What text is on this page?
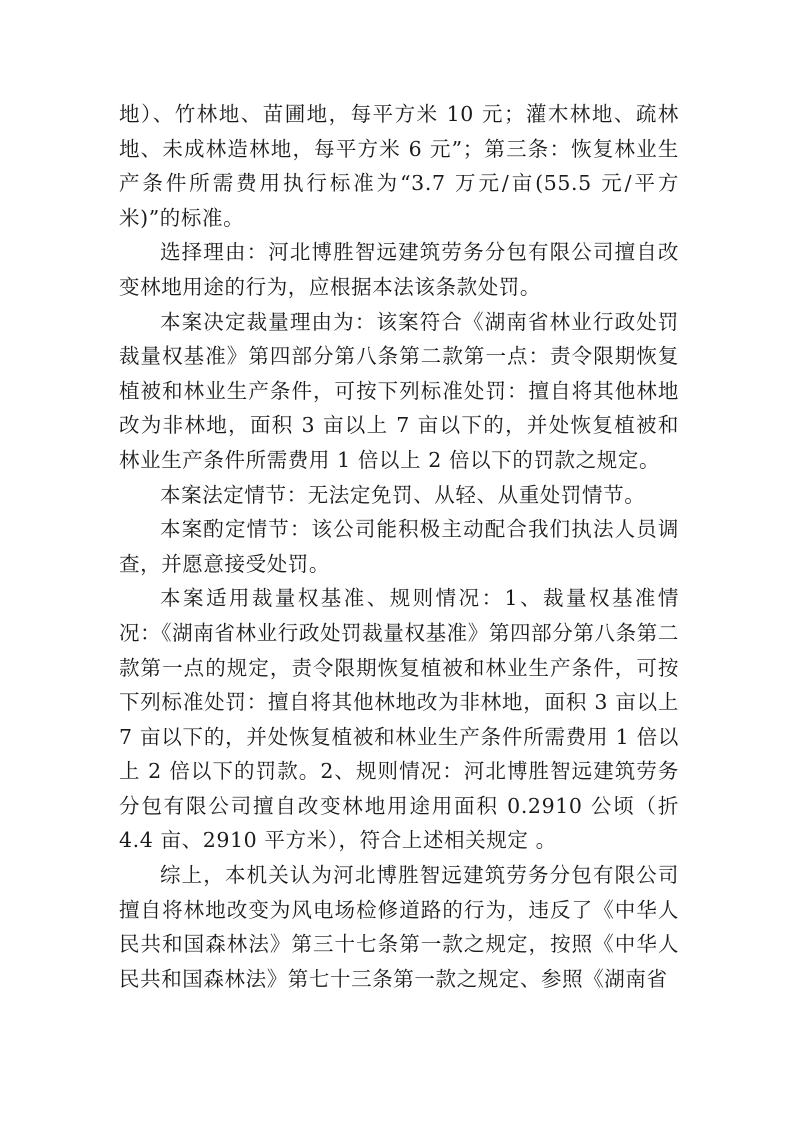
地）、竹林地、苗圃地，每平方米 10 元；灌木林地、疏林地、未成林造林地，每平方米 6 元”；第三条：恢复林业生产条件所需费用执行标准为“3.7 万元/亩(55.5 元/平方米)”的标准。

选择理由：河北博胜智远建筑劳务分包有限公司擅自改变林地用途的行为，应根据本法该条款处罚。

本案决定裁量理由为：该案符合《湖南省林业行政处罚裁量权基准》第四部分第八条第二款第一点：责令限期恢复植被和林业生产条件，可按下列标准处罚：擅自将其他林地改为非林地，面积 3 亩以上 7 亩以下的，并处恢复植被和林业生产条件所需费用 1 倍以上 2 倍以下的罚款之规定。

本案法定情节：无法定免罚、从轻、从重处罚情节。

本案酌定情节：该公司能积极主动配合我们执法人员调查，并愿意接受处罚。

本案适用裁量权基准、规则情况：1、裁量权基准情况：《湖南省林业行政处罚裁量权基准》第四部分第八条第二款第一点的规定，责令限期恢复植被和林业生产条件，可按下列标准处罚：擅自将其他林地改为非林地，面积 3 亩以上 7 亩以下的，并处恢复植被和林业生产条件所需费用 1 倍以上 2 倍以下的罚款。2、规则情况：河北博胜智远建筑劳务分包有限公司擅自改变林地用途用面积 0.2910 公顷（折 4.4 亩、2910 平方米），符合上述相关规定 。

综上，本机关认为河北博胜智远建筑劳务分包有限公司擅自将林地改变为风电场检修道路的行为，违反了《中华人民共和国森林法》第三十七条第一款之规定，按照《中华人民共和国森林法》第七十三条第一款之规定、参照《湖南省
